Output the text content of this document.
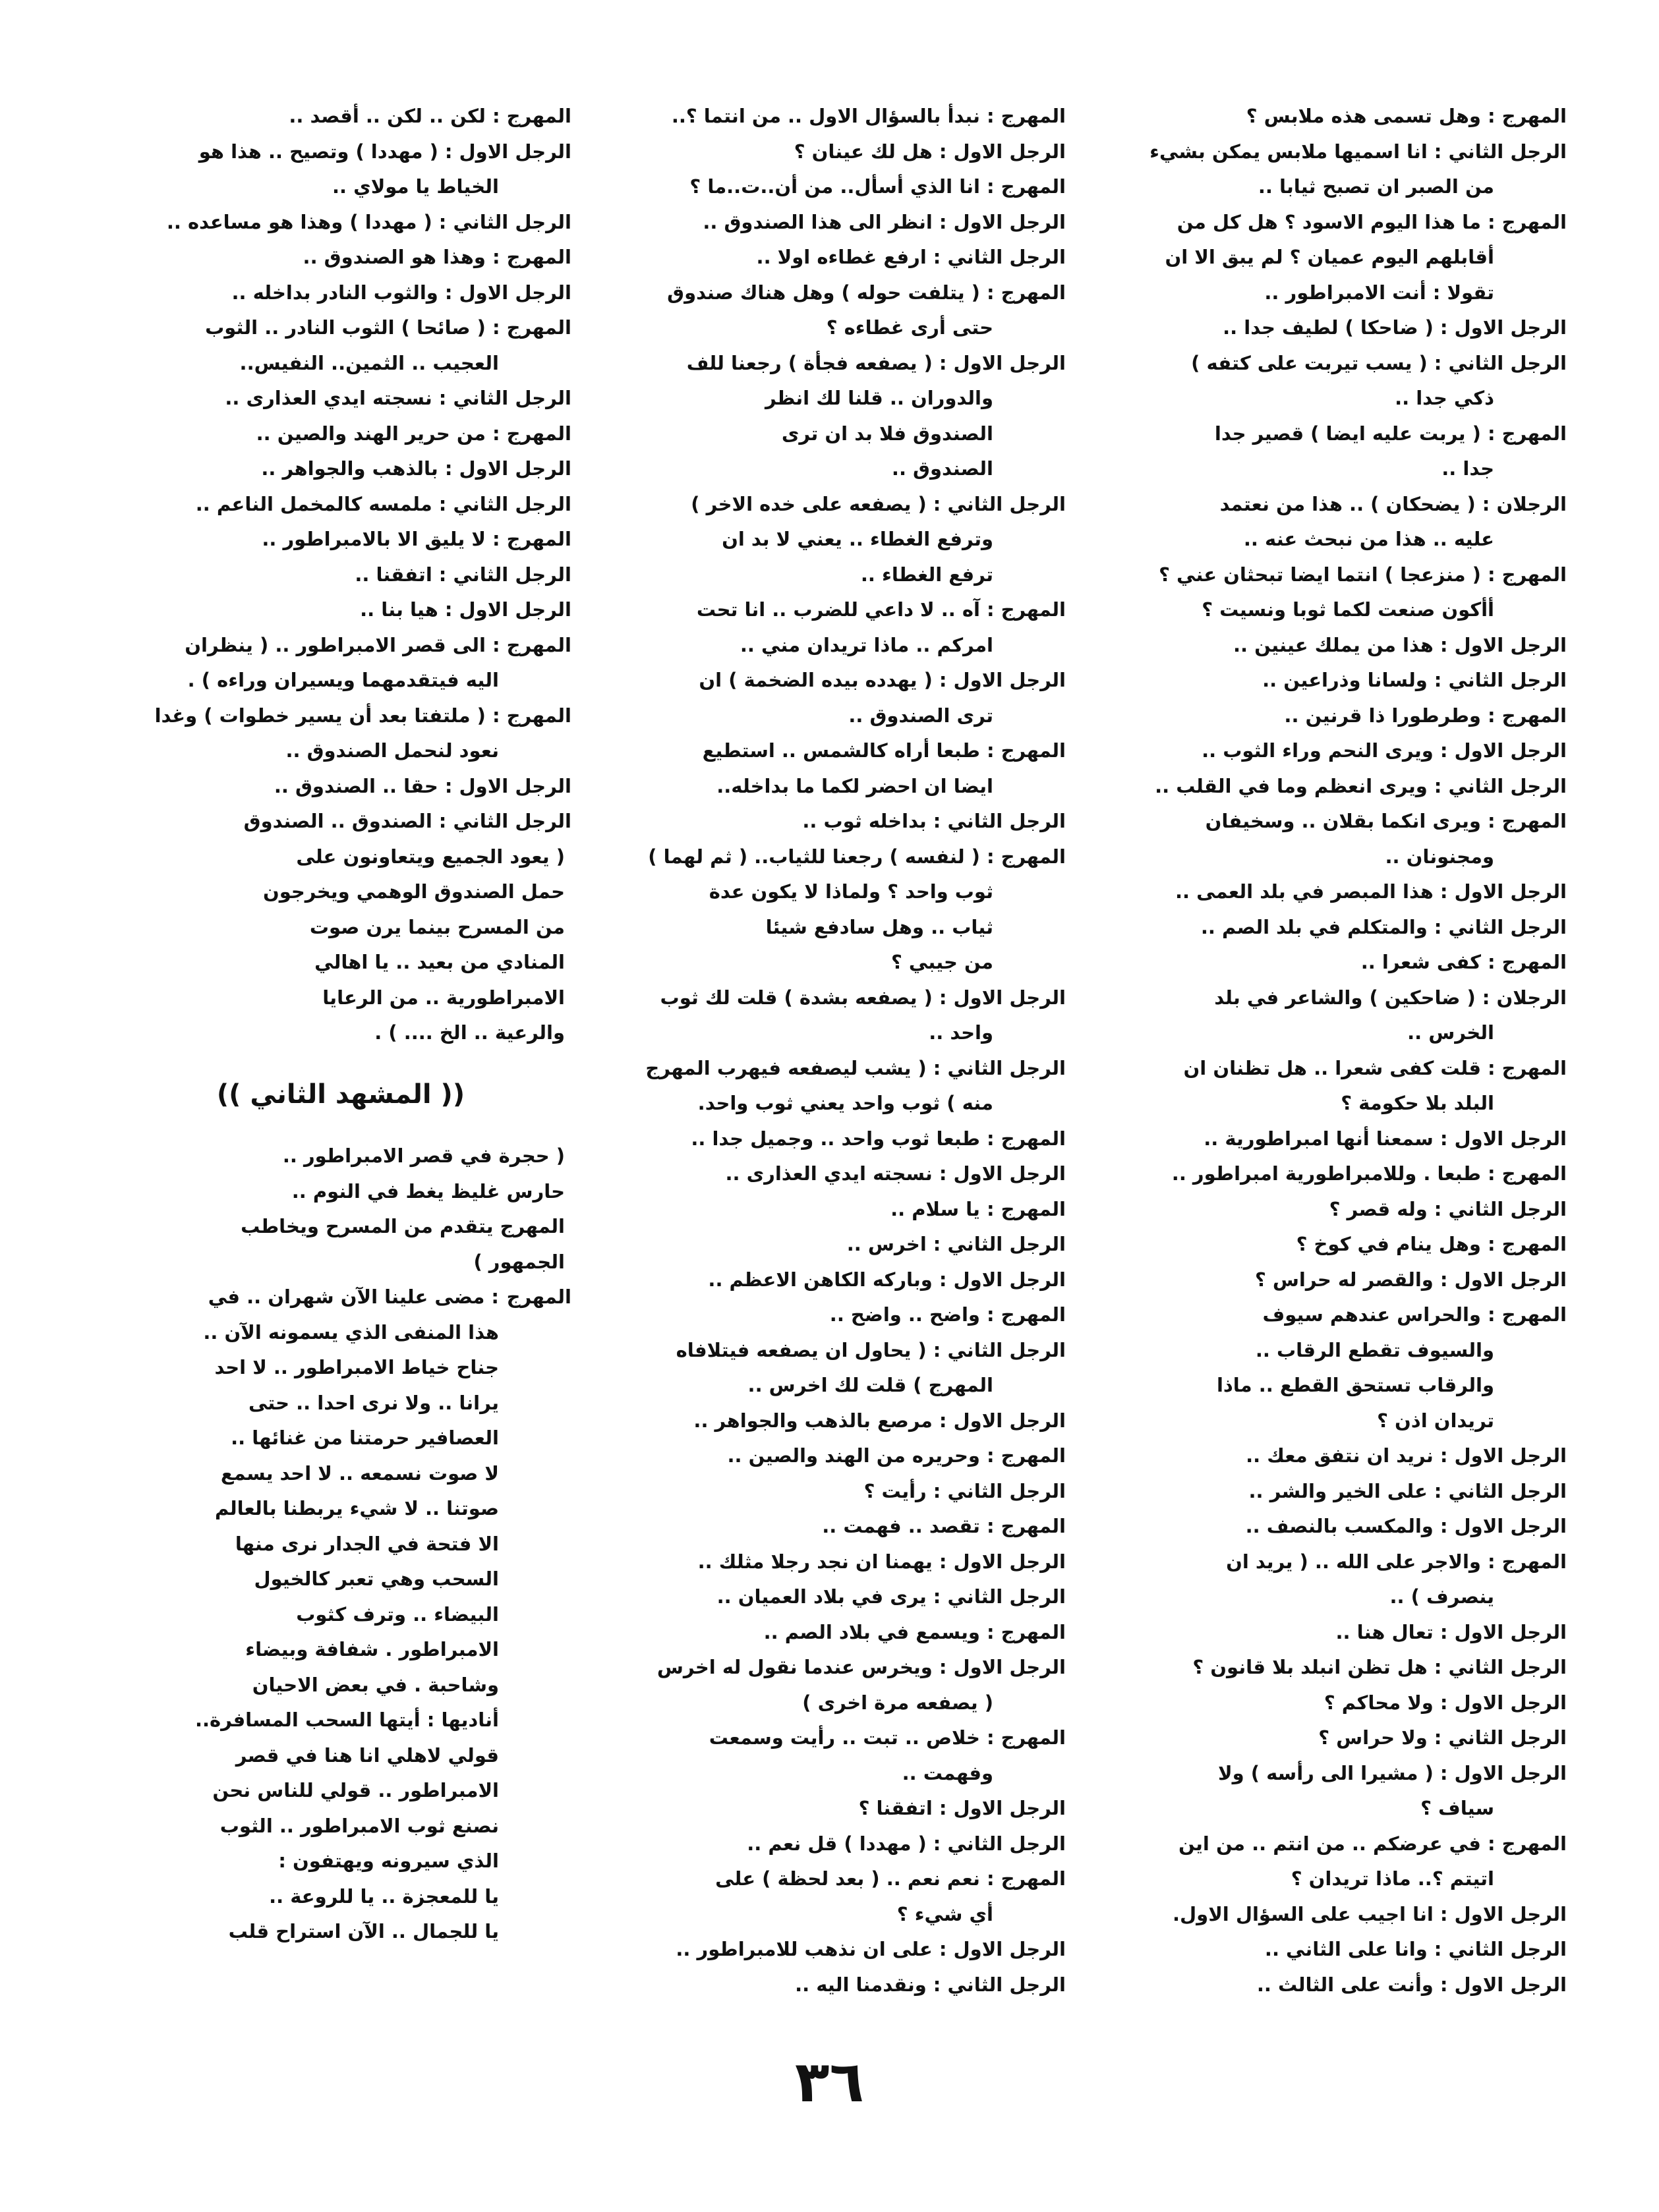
المهرج :
وهل تسمى هذه ملابس ؟
الرجل الثاني :
انا اسميها ملابس يمكن بشيء
من الصبر ان تصبح ثيابا ..
المهرج :
ما هذا اليوم الاسود ؟ هل كل من
أقابلهم اليوم عميان ؟ لم يبق الا ان
تقولا : أنت الامبراطور ..
الرجل الاول :
( ضاحكا ) لطيف جدا ..
الرجل الثاني :
( يسب تيربت على كتفه )
ذكي جدا ..
المهرج :
( يربت عليه ايضا ) قصير جدا
جدا ..
الرجلان :
( يضحكان ) .. هذا من نعتمد
عليه .. هذا من نبحث عنه ..
المهرج :
( منزعجا ) انتما ايضا تبحثان عني ؟
أأكون صنعت لكما ثوبا ونسيت ؟
الرجل الاول :
هذا من يملك عينين ..
الرجل الثاني :
ولسانا وذراعين ..
المهرج :
وطرطورا ذا قرنين ..
الرجل الاول :
ويرى النحم وراء الثوب ..
الرجل الثاني :
ويرى انعظم وما في القلب ..
المهرج :
ويرى انكما بقلان .. وسخيفان
ومجنونان ..
الرجل الاول :
هذا المبصر في بلد العمى ..
الرجل الثاني :
والمتكلم في بلد الصم ..
المهرج :
كفى شعرا ..
الرجلان :
( ضاحكين ) والشاعر في بلد
الخرس ..
المهرج :
قلت كفى شعرا .. هل تظنان ان
البلد بلا حكومة ؟
الرجل الاول :
سمعنا أنها امبراطورية ..
المهرج :
طبعا . وللامبراطورية امبراطور ..
الرجل الثاني :
وله قصر ؟
المهرج :
وهل ينام في كوخ ؟
الرجل الاول :
والقصر له حراس ؟
المهرج :
والحراس عندهم سيوف
والسيوف تقطع الرقاب ..
والرقاب تستحق القطع .. ماذا
تريدان اذن ؟
الرجل الاول :
نريد ان نتفق معك ..
الرجل الثاني :
على الخير والشر ..
الرجل الاول :
والمكسب بالنصف ..
المهرج :
والاجر على الله .. ( يريد ان
ينصرف ) ..
الرجل الاول :
تعال هنا ..
الرجل الثاني :
هل تظن انبلد بلا قانون ؟
الرجل الاول :
ولا محاكم ؟
الرجل الثاني :
ولا حراس ؟
الرجل الاول :
( مشيرا الى رأسه ) ولا
سياف ؟
المهرج :
في عرضكم .. من انتم .. من اين
اتيتم ؟.. ماذا تريدان ؟
الرجل الاول :
انا اجيب على السؤال الاول.
الرجل الثاني :
وانا على الثاني ..
الرجل الاول :
وأنت على الثالث ..
المهرج :
نبدأ بالسؤال الاول .. من انتما ؟..
الرجل الاول :
هل لك عينان ؟
المهرج :
انا الذي أسأل.. من أن..ت..ما ؟
الرجل الاول :
انظر الى هذا الصندوق ..
الرجل الثاني :
ارفع غطاءه اولا ..
المهرج :
( يتلفت حوله ) وهل هناك صندوق
حتى أرى غطاءه ؟
الرجل الاول :
( يصفعه فجأة ) رجعنا للف
والدوران .. قلنا لك انظر
الصندوق فلا بد ان ترى
الصندوق ..
الرجل الثاني :
( يصفعه على خده الاخر )
وترفع الغطاء .. يعني لا بد ان
ترفع الغطاء ..
المهرج :
آه .. لا داعي للضرب .. انا تحت
امركم .. ماذا تريدان مني ..
الرجل الاول :
( يهدده بيده الضخمة ) ان
ترى الصندوق ..
المهرج :
طبعا أراه كالشمس .. استطيع
ايضا ان احضر لكما ما بداخله..
الرجل الثاني :
بداخله ثوب ..
المهرج :
( لنفسه ) رجعنا للثياب.. ( ثم لهما )
ثوب واحد ؟ ولماذا لا يكون عدة
ثياب .. وهل سادفع شيئا
من جيبي ؟
الرجل الاول :
( يصفعه بشدة ) قلت لك ثوب
واحد ..
الرجل الثاني :
( يشب ليصفعه فيهرب المهرج
منه ) ثوب واحد يعني ثوب واحد.
المهرج :
طبعا ثوب واحد .. وجميل جدا ..
الرجل الاول :
نسجته ايدي العذارى ..
المهرج :
يا سلام ..
الرجل الثاني :
اخرس ..
الرجل الاول :
وباركه الكاهن الاعظم ..
المهرج :
واضح .. واضح ..
الرجل الثاني :
( يحاول ان يصفعه فيتلافاه
المهرج ) قلت لك اخرس ..
الرجل الاول :
مرصع بالذهب والجواهر ..
المهرج :
وحريره من الهند والصين ..
الرجل الثاني :
رأيت ؟
المهرج :
تقصد .. فهمت ..
الرجل الاول :
يهمنا ان نجد رجلا مثلك ..
الرجل الثاني :
يرى في بلاد العميان ..
المهرج :
ويسمع في بلاد الصم ..
الرجل الاول :
ويخرس عندما نقول له اخرس
( يصفعه مرة اخرى )
المهرج :
خلاص .. تبت .. رأيت وسمعت
وفهمت ..
الرجل الاول :
اتفقنا ؟
الرجل الثاني :
( مهددا ) قل نعم ..
المهرج :
نعم نعم .. ( بعد لحظة ) على
أي شيء ؟
الرجل الاول :
على ان نذهب للامبراطور ..
الرجل الثاني :
ونقدمنا اليه ..
المهرج :
لكن .. لكن .. أقصد ..
الرجل الاول :
( مهددا ) وتصيح .. هذا هو
الخياط يا مولاي ..
الرجل الثاني :
( مهددا ) وهذا هو مساعده ..
المهرج :
وهذا هو الصندوق ..
الرجل الاول :
والثوب النادر بداخله ..
المهرج :
( صائحا ) الثوب النادر .. الثوب
العجيب .. الثمين.. النفيس..
الرجل الثاني :
نسجته ايدي العذارى ..
المهرج :
من حرير الهند والصين ..
الرجل الاول :
بالذهب والجواهر ..
الرجل الثاني :
ملمسه كالمخمل الناعم ..
المهرج :
لا يليق الا بالامبراطور ..
الرجل الثاني :
اتفقنا ..
الرجل الاول :
هيا بنا ..
المهرج :
الى قصر الامبراطور .. ( ينظران
اليه فيتقدمهما ويسيران وراءه ) .
المهرج :
( ملتفتا بعد أن يسير خطوات ) وغدا
نعود لنحمل الصندوق ..
الرجل الاول :
حقا .. الصندوق ..
الرجل الثاني :
الصندوق .. الصندوق
( يعود الجميع ويتعاونون على
حمل الصندوق الوهمي ويخرجون
من المسرح بينما يرن صوت
المنادي من بعيد .. يا اهالي
الامبراطورية .. من الرعايا
والرعية .. الخ .... ) .
(( المشهد الثاني ))
( حجرة في قصر الامبراطور ..
حارس غليظ يغط في النوم ..
المهرج يتقدم من المسرح ويخاطب
الجمهور )
المهرج
: مضى علينا الآن شهران .. في
هذا المنفى الذي يسمونه الآن ..
جناح خياط الامبراطور .. لا احد
يرانا .. ولا نرى احدا .. حتى
العصافير حرمتنا من غنائها ..
لا صوت نسمعه .. لا احد يسمع
صوتنا .. لا شيء يربطنا بالعالم
الا فتحة في الجدار نرى منها
السحب وهي تعبر كالخيول
البيضاء .. وترف كثوب
الامبراطور . شفافة وبيضاء
وشاحبة . في بعض الاحيان
أناديها : أيتها السحب المسافرة..
قولي لاهلي انا هنا في قصر
الامبراطور .. قولي للناس نحن
نصنع ثوب الامبراطور .. الثوب
الذي سيرونه ويهتفون :
يا للمعجزة .. يا للروعة ..
يا للجمال .. الآن استراح قلب
٣٦
